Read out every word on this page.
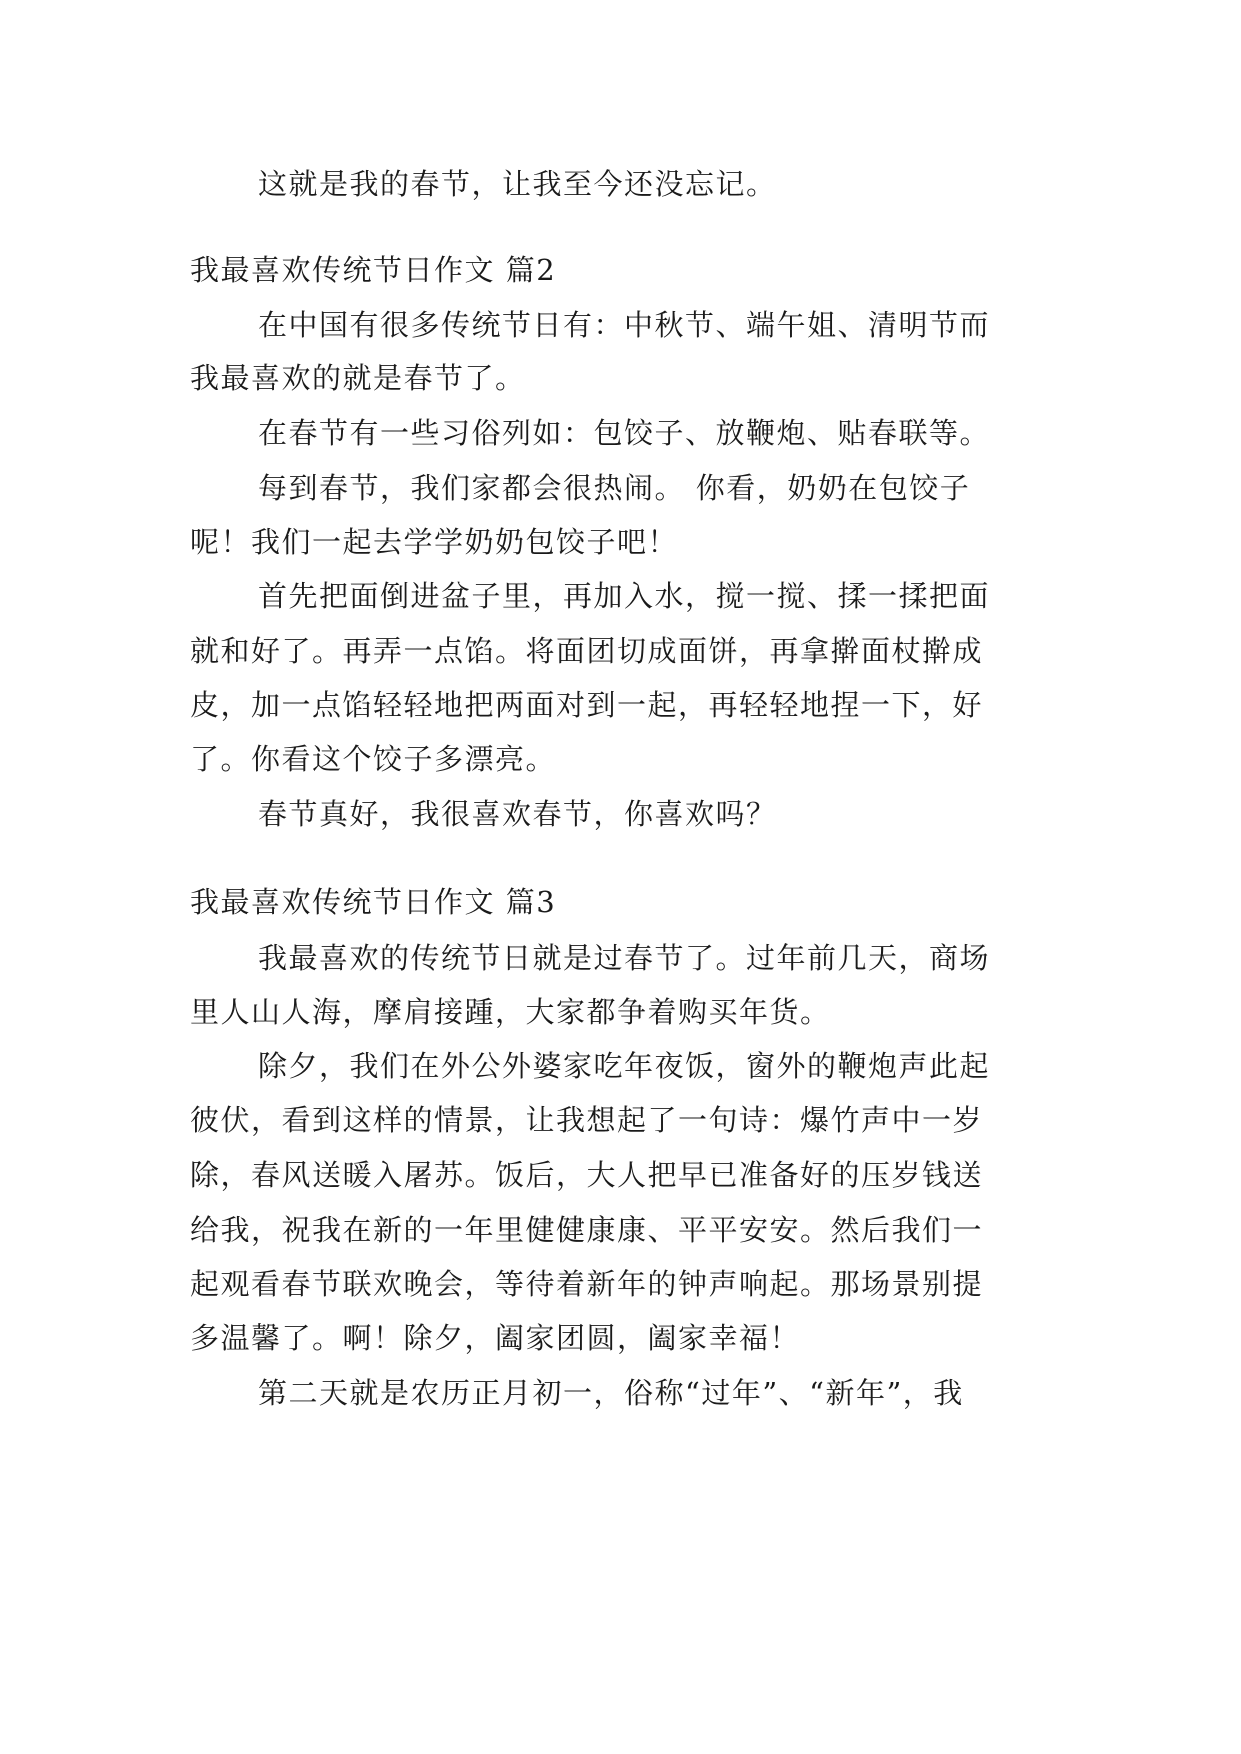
这就是我的春节，让我至今还没忘记。
我最喜欢传统节日作文 篇2
在中国有很多传统节日有：中秋节、端午姐、清明节而
我最喜欢的就是春节了。
在春节有一些习俗列如：包饺子、放鞭炮、贴春联等。
每到春节，我们家都会很热闹。 你看，奶奶在包饺子
呢！我们一起去学学奶奶包饺子吧！
首先把面倒进盆子里，再加入水，搅一搅、揉一揉把面
就和好了。再弄一点馅。将面团切成面饼，再拿擀面杖擀成
皮，加一点馅轻轻地把两面对到一起，再轻轻地捏一下，好
了。你看这个饺子多漂亮。
春节真好，我很喜欢春节，你喜欢吗？
我最喜欢传统节日作文 篇3
我最喜欢的传统节日就是过春节了。过年前几天，商场
里人山人海，摩肩接踵，大家都争着购买年货。
除夕，我们在外公外婆家吃年夜饭，窗外的鞭炮声此起
彼伏，看到这样的情景，让我想起了一句诗：爆竹声中一岁
除，春风送暖入屠苏。饭后，大人把早已准备好的压岁钱送
给我，祝我在新的一年里健健康康、平平安安。然后我们一
起观看春节联欢晚会，等待着新年的钟声响起。那场景别提
多温馨了。啊！除夕，阖家团圆，阖家幸福！
第二天就是农历正月初一，俗称“过年”、“新年”，我
